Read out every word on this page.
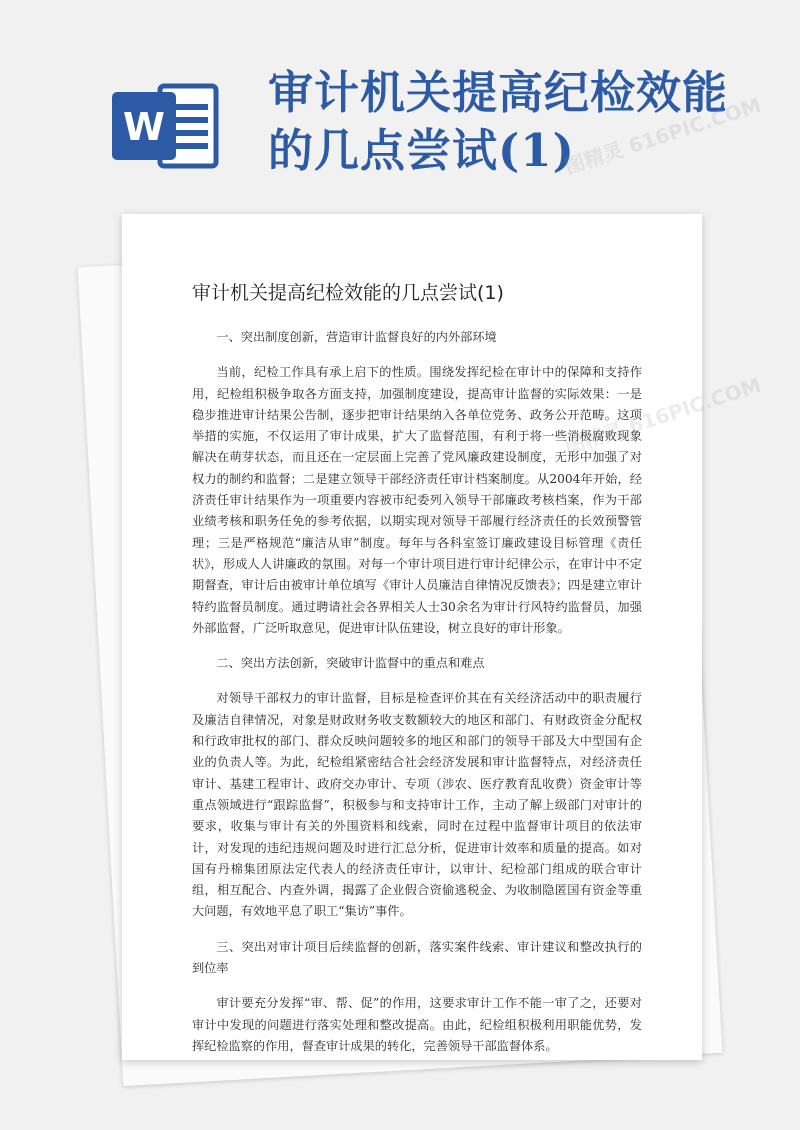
W
审计机关提高纪检效能
的几点尝试(1)
审计机关提高纪检效能的几点尝试(1)

一、突出制度创新，营造审计监督良好的内外部环境

当前，纪检工作具有承上启下的性质。围绕发挥纪检在审计中的保障和支持作用，纪检组积极争取各方面支持，加强制度建设，提高审计监督的实际效果：一是稳步推进审计结果公告制，逐步把审计结果纳入各单位党务、政务公开范畴。这项举措的实施，不仅运用了审计成果，扩大了监督范围，有利于将一些消极腐败现象解决在萌芽状态，而且还在一定层面上完善了党风廉政建设制度，无形中加强了对权力的制约和监督；二是建立领导干部经济责任审计档案制度。从2004年开始，经济责任审计结果作为一项重要内容被市纪委列入领导干部廉政考核档案，作为干部业绩考核和职务任免的参考依据，以期实现对领导干部履行经济责任的长效预警管理；三是严格规范“廉洁从审”制度。每年与各科室签订廉政建设目标管理《责任状》，形成人人讲廉政的氛围。对每一个审计项目进行审计纪律公示，在审计中不定期督查，审计后由被审计单位填写《审计人员廉洁自律情况反馈表》；四是建立审计特约监督员制度。通过聘请社会各界相关人士30余名为审计行风特约监督员，加强外部监督，广泛听取意见，促进审计队伍建设，树立良好的审计形象。

二、突出方法创新，突破审计监督中的重点和难点

对领导干部权力的审计监督，目标是检查评价其在有关经济活动中的职责履行及廉洁自律情况，对象是财政财务收支数额较大的地区和部门、有财政资金分配权和行政审批权的部门、群众反映问题较多的地区和部门的领导干部及大中型国有企业的负责人等。为此，纪检组紧密结合社会经济发展和审计监督特点，对经济责任审计、基建工程审计、政府交办审计、专项（涉农、医疗教育乱收费）资金审计等重点领域进行“跟踪监督”，积极参与和支持审计工作，主动了解上级部门对审计的要求，收集与审计有关的外围资料和线索，同时在过程中监督审计项目的依法审计，对发现的违纪违规问题及时进行汇总分析，促进审计效率和质量的提高。如对国有丹棉集团原法定代表人的经济责任审计，以审计、纪检部门组成的联合审计组，相互配合、内查外调，揭露了企业假合资偷逃税金、为收制隐匿国有资金等重大问题，有效地平息了职工“集访”事件。

三、突出对审计项目后续监督的创新，落实案件线索、审计建议和整改执行的到位率

审计要充分发挥“审、帮、促”的作用，这要求审计工作不能一审了之，还要对审计中发现的问题进行落实处理和整改提高。由此，纪检组积极利用职能优势，发挥纪检监察的作用，督查审计成果的转化，完善领导干部监督体系。

图精灵 616PIC.COM
